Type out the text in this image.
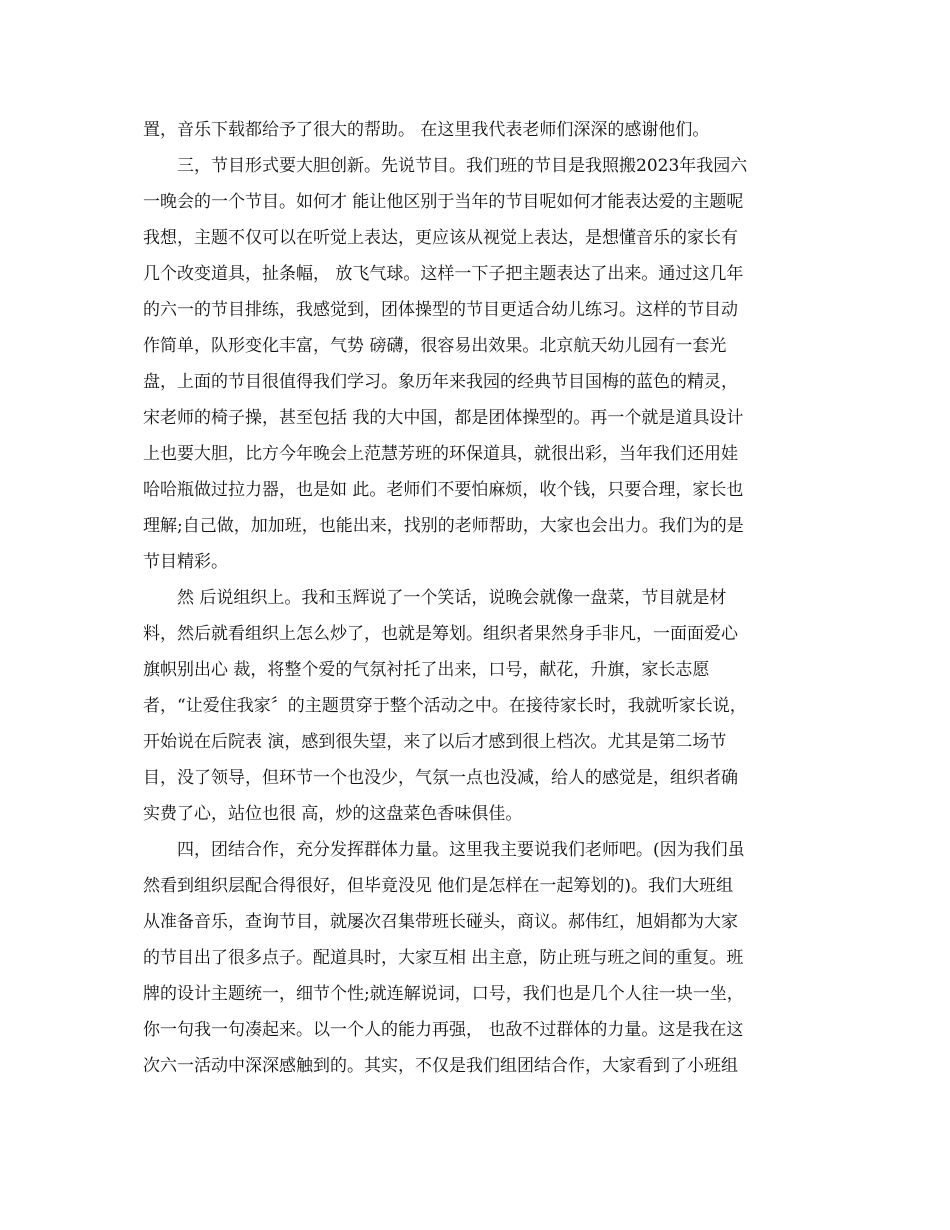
置，音乐下载都给予了很大的帮助。 在这里我代表老师们深深的感谢他们。
　　三，节目形式要大胆创新。先说节目。我们班的节目是我照搬2023年我园六
一晚会的一个节目。如何才 能让他区别于当年的节目呢如何才能表达爱的主题呢
我想，主题不仅可以在听觉上表达，更应该从视觉上表达，是想懂音乐的家长有
几个改变道具，扯条幅， 放飞气球。这样一下子把主题表达了出来。通过这几年
的六一的节目排练，我感觉到，团体操型的节目更适合幼儿练习。这样的节目动
作简单，队形变化丰富，气势 磅礴，很容易出效果。北京航天幼儿园有一套光
盘，上面的节目很值得我们学习。象历年来我园的经典节目国梅的蓝色的精灵，
宋老师的椅子操，甚至包括 我的大中国，都是团体操型的。再一个就是道具设计
上也要大胆，比方今年晚会上范慧芳班的环保道具，就很出彩，当年我们还用娃
哈哈瓶做过拉力器，也是如 此。老师们不要怕麻烦，收个钱，只要合理，家长也
理解;自己做，加加班，也能出来，找别的老师帮助，大家也会出力。我们为的是
节目精彩。
　　然 后说组织上。我和玉辉说了一个笑话，说晚会就像一盘菜，节目就是材
料，然后就看组织上怎么炒了，也就是筹划。组织者果然身手非凡，一面面爱心
旗帜别出心 裁，将整个爱的气氛衬托了出来，口号，献花，升旗，家长志愿
者，“让爱住我家〞的主题贯穿于整个活动之中。在接待家长时，我就听家长说，
开始说在后院表 演，感到很失望，来了以后才感到很上档次。尤其是第二场节
目，没了领导，但环节一个也没少，气氛一点也没减，给人的感觉是，组织者确
实费了心，站位也很 高，炒的这盘菜色香味俱佳。
　　四，团结合作，充分发挥群体力量。这里我主要说我们老师吧。(因为我们虽
然看到组织层配合得很好，但毕竟没见 他们是怎样在一起筹划的)。我们大班组
从准备音乐，查询节目，就屡次召集带班长碰头，商议。郝伟红，旭娟都为大家
的节目出了很多点子。配道具时，大家互相 出主意，防止班与班之间的重复。班
牌的设计主题统一，细节个性;就连解说词，口号，我们也是几个人往一块一坐，
你一句我一句凑起来。以一个人的能力再强， 也敌不过群体的力量。这是我在这
次六一活动中深深感触到的。其实，不仅是我们组团结合作，大家看到了小班组
